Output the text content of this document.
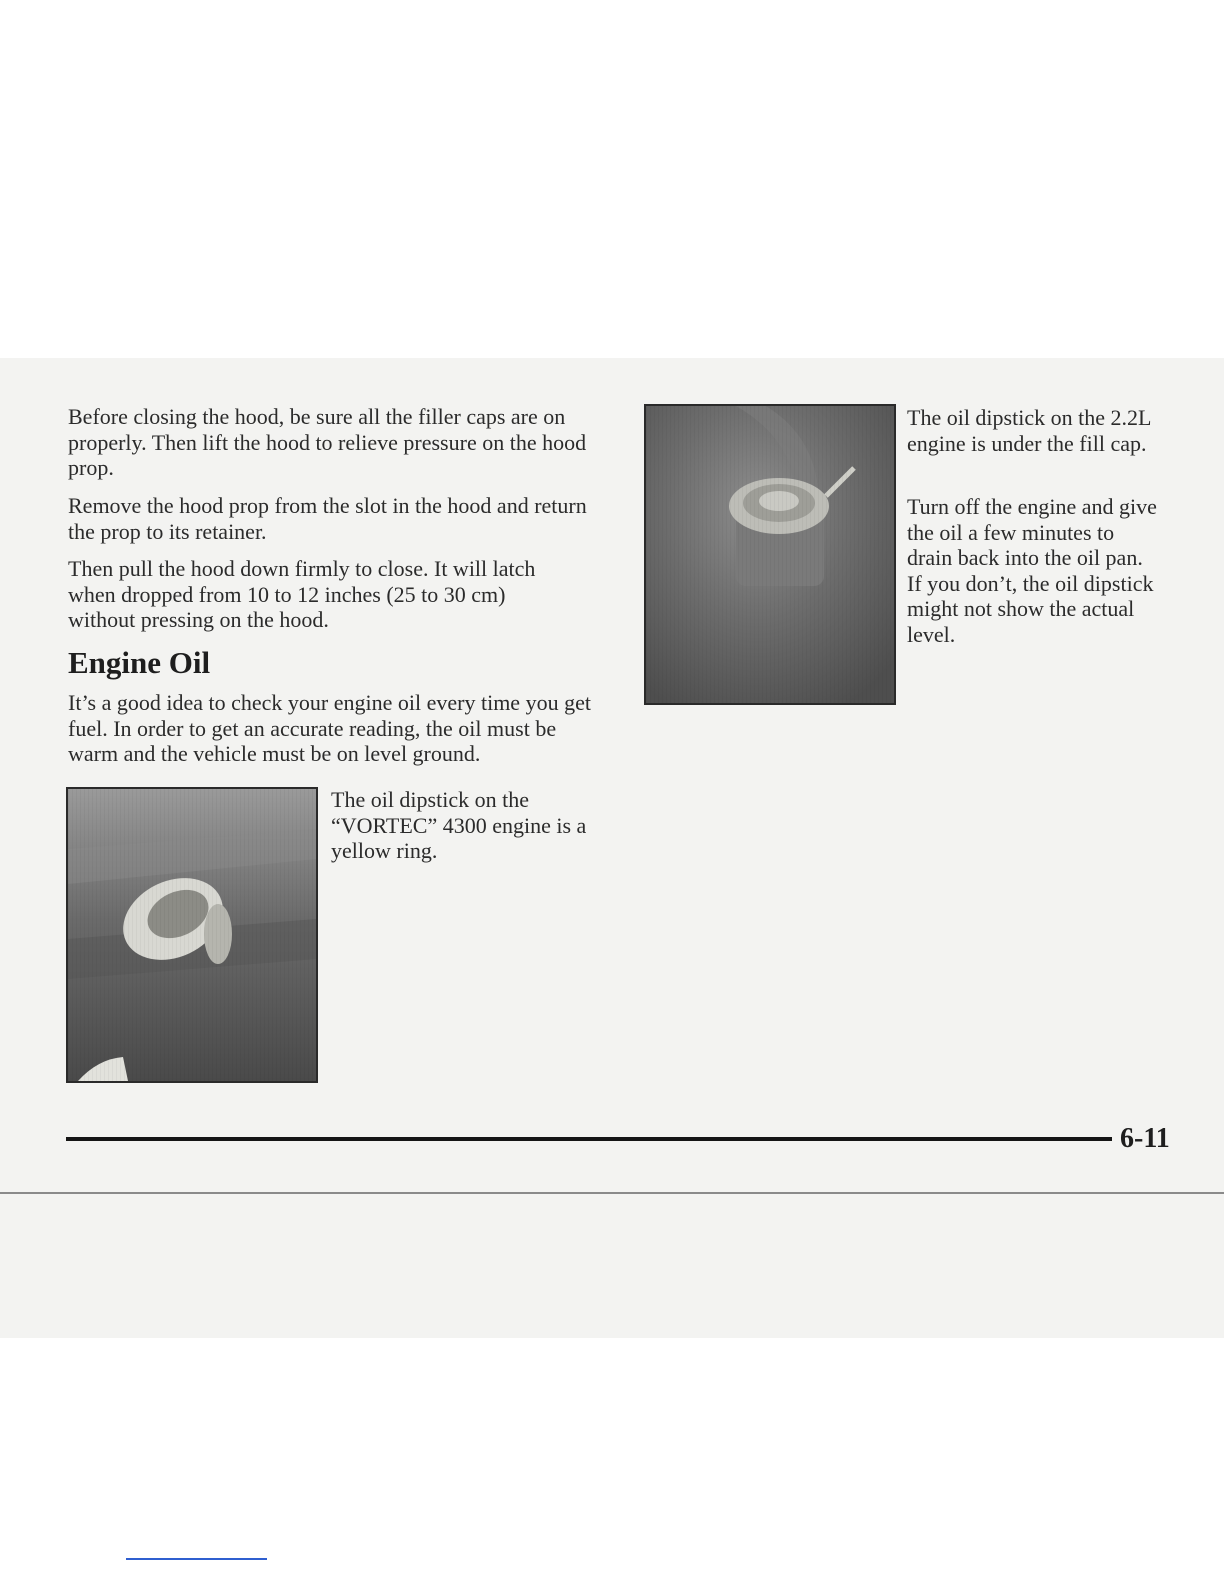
Before closing the hood, be sure all the filler caps are on properly. Then lift the hood to relieve pressure on the hood prop.

Remove the hood prop from the slot in the hood and return the prop to its retainer.

Then pull the hood down firmly to close. It will latch when dropped from 10 to 12 inches (25 to 30 cm) without pressing on the hood.

Engine Oil

It’s a good idea to check your engine oil every time you get fuel. In order to get an accurate reading, the oil must be warm and the vehicle must be on level ground.

The oil dipstick on the “VORTEC” 4300 engine is a yellow ring.

The oil dipstick on the 2.2L engine is under the fill cap.

Turn off the engine and give the oil a few minutes to drain back into the oil pan. If you don’t, the oil dipstick might not show the actual level.

6-11
